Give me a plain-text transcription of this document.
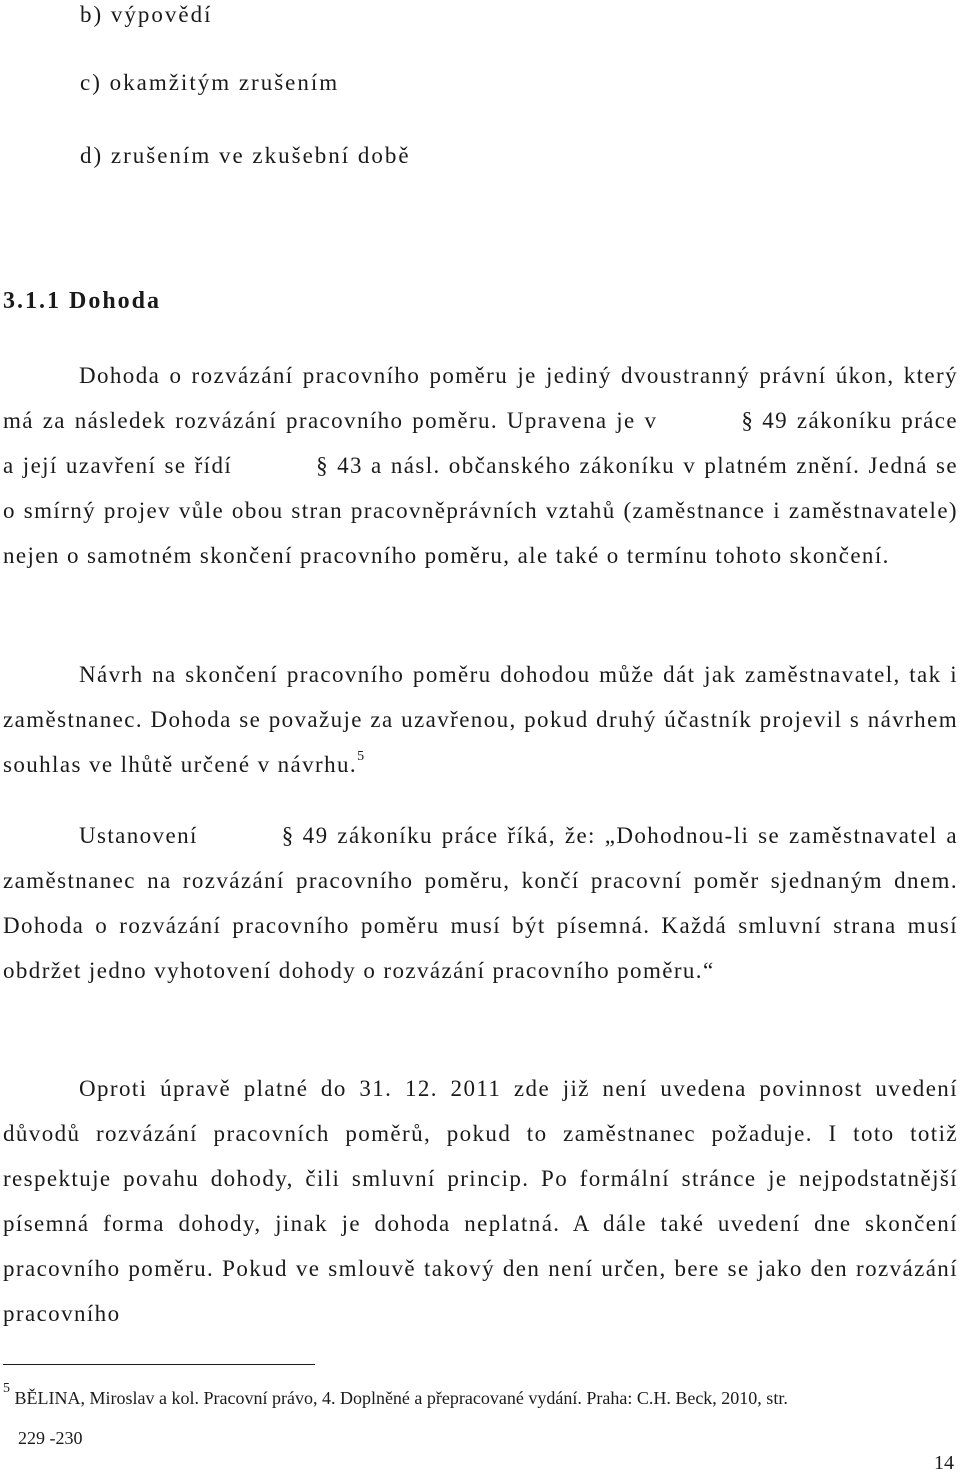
b) výpovědí
c) okamžitým zrušením
d) zrušením ve zkušební době
3.1.1 Dohoda

Dohoda o rozvázání pracovního poměru je jediný dvoustranný právní úkon, který má za následek rozvázání pracovního poměru. Upravena je v	§ 49 zákoníku práce a její uzavření se řídí	§ 43 a násl. občanského zákoníku v platném znění. Jedná se o smírný projev vůle obou stran pracovněprávních vztahů (zaměstnance i zaměstnavatele) nejen o samotném skončení pracovního poměru, ale také o termínu tohoto skončení.

Návrh na skončení pracovního poměru dohodou může dát jak zaměstnavatel, tak i zaměstnanec. Dohoda se považuje za uzavřenou, pokud druhý účastník projevil s návrhem souhlas ve lhůtě určené v návrhu.$^5$

Ustanovení	§ 49 zákoníku práce říká, že: „Dohodnou-li se zaměstnavatel a zaměstnanec na rozvázání pracovního poměru, končí pracovní poměr sjednaným dnem. Dohoda o rozvázání pracovního poměru musí být písemná. Každá smluvní strana musí obdržet jedno vyhotovení dohody o rozvázání pracovního poměru.“

Oproti úpravě platné do 31. 12. 2011 zde již není uvedena povinnost uvedení důvodů rozvázání pracovních poměrů, pokud to zaměstnanec požaduje. I toto totiž respektuje povahu dohody, čili smluvní princip. Po formální stránce je nejpodstatnější písemná forma dohody, jinak je dohoda neplatná. A dále také uvedení dne skončení pracovního poměru. Pokud ve smlouvě takový den není určen, bere se jako den rozvázání pracovního

$^5$ BĚLINA, Miroslav a kol. Pracovní právo, 4. Doplněné a přepracované vydání. Praha: C.H. Beck, 2010, str.
229 -230

14
